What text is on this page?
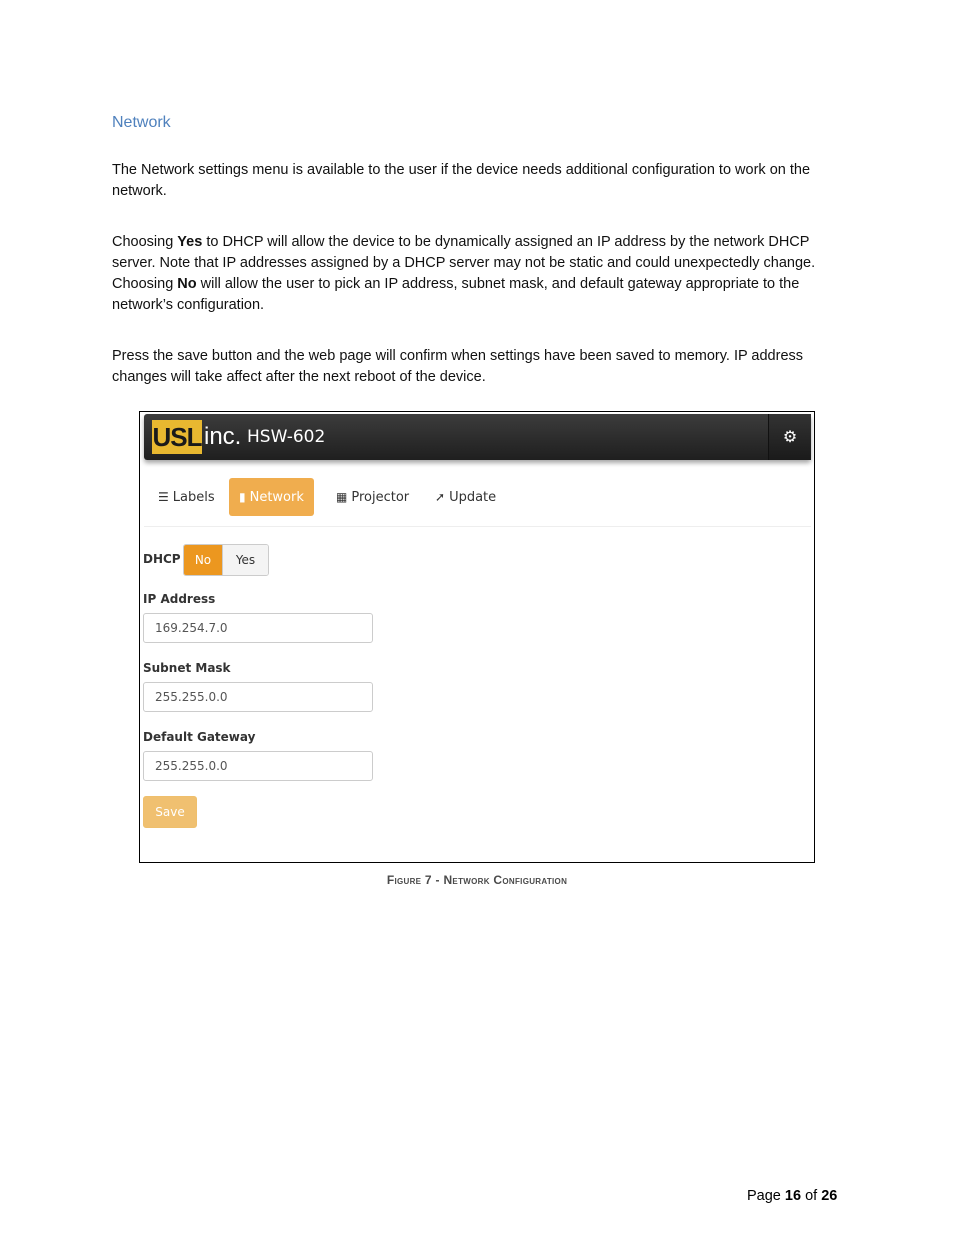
Network
The Network settings menu is available to the user if the device needs additional configuration to work on the network.
Choosing Yes to DHCP will allow the device to be dynamically assigned an IP address by the network DHCP server. Note that IP addresses assigned by a DHCP server may not be static and could unexpectedly change. Choosing No will allow the user to pick an IP address, subnet mask, and default gateway appropriate to the network’s configuration.
Press the save button and the web page will confirm when settings have been saved to memory. IP address changes will take affect after the next reboot of the device.
USL inc. HSW-602	⚙
☰ Labels	▮ Network	▦ Projector	➚ Update
DHCP	No	Yes
IP Address
169.254.7.0
Subnet Mask
255.255.0.0
Default Gateway
255.255.0.0
Save
Figure 7 - Network Configuration
Page 16 of 26
